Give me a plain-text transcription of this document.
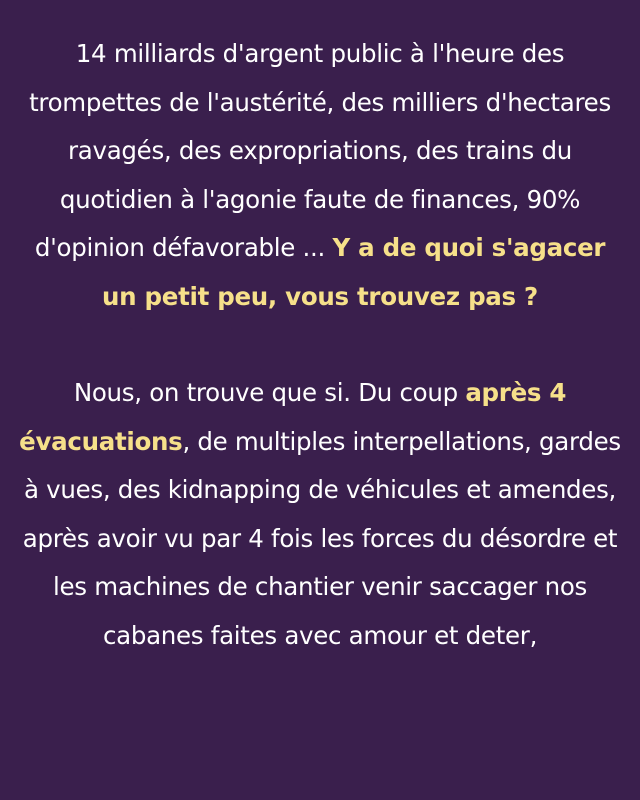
14 milliards d'argent public à l'heure des trompettes de l'austérité, des milliers d'hectares ravagés, des expropriations, des trains du quotidien à l'agonie faute de finances, 90% d'opinion défavorable ... Y a de quoi s'agacer un petit peu, vous trouvez pas ?

Nous, on trouve que si. Du coup après 4 évacuations, de multiples interpellations, gardes à vues, des kidnapping de véhicules et amendes, après avoir vu par 4 fois les forces du désordre et les machines de chantier venir saccager nos cabanes faites avec amour et deter,
